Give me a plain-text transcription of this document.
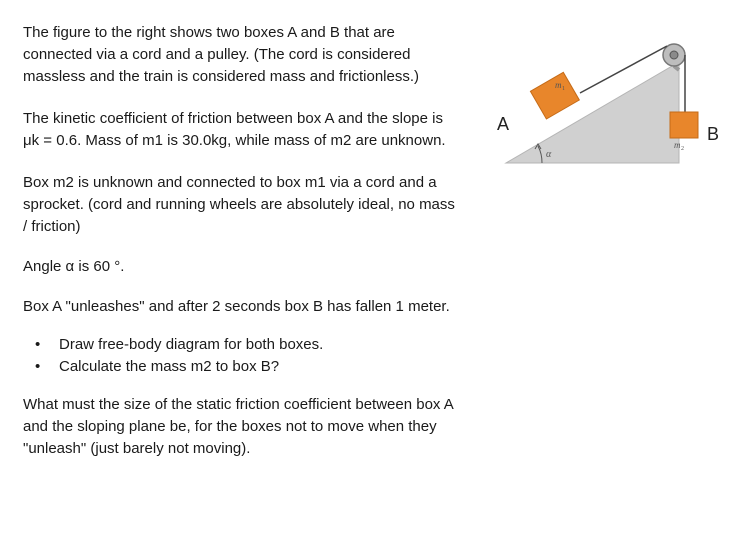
The figure to the right shows two boxes A and B that are connected via a cord and a pulley. (The cord is considered massless and the train is considered mass and frictionless.)

The kinetic coefficient of friction between box A and the slope is μk = 0.6. Mass of m1 is 30.0kg, while mass of m2 are unknown.

Box m2 is unknown and connected to box m1 via a cord and a sprocket. (cord and running wheels are absolutely ideal, no mass / friction)

Angle α is 60 °.

Box A "unleashes" and after 2 seconds box B has fallen 1 meter.

• Draw free-body diagram for both boxes.
• Calculate the mass m2 to box B?

What must the size of the static friction coefficient between box A and the sloping plane be, for the boxes not to move when they "unleash" (just barely not moving).

A	B
m 1
m 2
α
